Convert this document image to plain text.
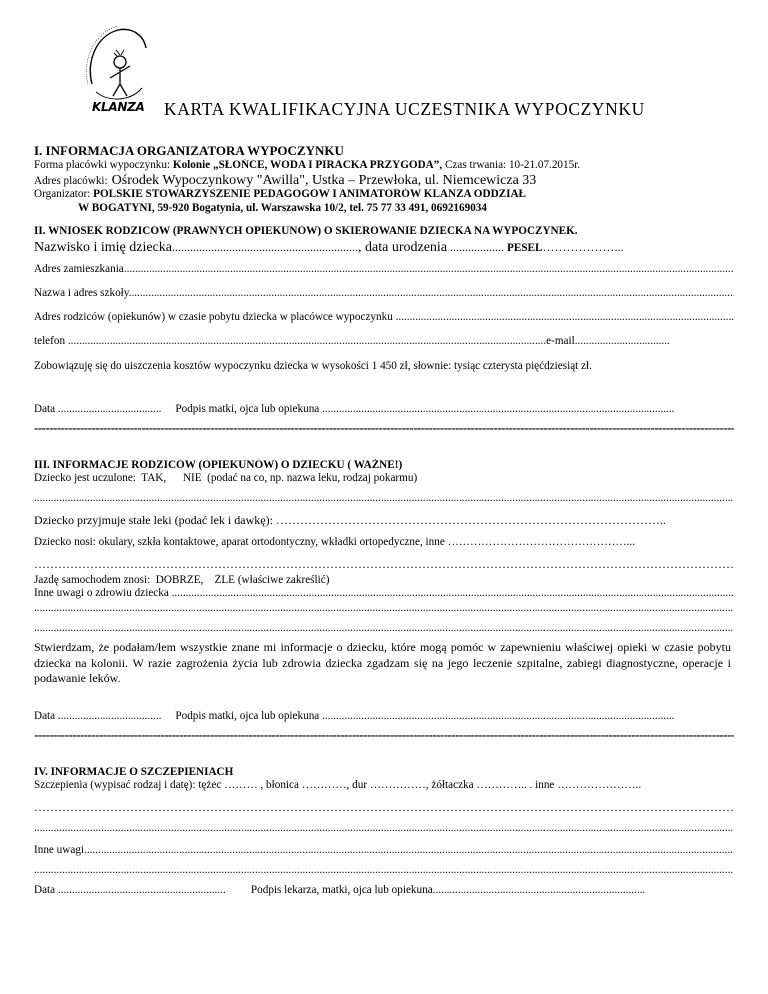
KLANZA KARTA KWALIFIKACYJNA UCZESTNIKA WYPOCZYNKU
I. INFORMACJA ORGANIZATORA WYPOCZYNKU
Forma placówki wypoczynku: Kolonie „SŁOŃCE, WODA I PIRACKA PRZYGODA”, Czas trwania: 10-21.07.2015r.
Adres placówki: Ośrodek Wypoczynkowy "Awilla", Ustka – Przewłoka, ul. Niemcewicza 33
Organizator: POLSKIE STOWARZYSZENIE PEDAGOGÓW I ANIMATORÓW KLANZA ODDZIAŁ
W BOGATYNI, 59-920 Bogatynia, ul. Warszawska 10/2, tel. 75 77 33 491, 0692169034
II. WNIOSEK RODZICÓW (PRAWNYCH OPIEKUNÓW) O SKIEROWANIE DZIECKA NA WYPOCZYNEK.
Nazwisko i imię dziecka.............................................................., data urodzenia .................. PESEL………………...
Adres zamieszkania .....
Nazwa i adres szkoły .....
Adres rodziców (opiekunów) w czasie pobytu dziecka w placówce wypoczynku .........................................................................................................................
telefon ...........................................................................................................................................................................e-mail..................................
Zobowiązuję się do uiszczenia kosztów wypoczynku dziecka w wysokości 1 450 zł, słownie: tysiąc czterysta pięćdziesiąt zł.
Data ..................................... Podpis matki, ojca lub opiekuna ..............................................................................................................................
-----
III. INFORMACJE RODZICÓW (OPIEKUNÓW) O DZIECKU ( WAŻNE!)
Dziecko jest uczulone:  TAK,      NIE  (podać na co, np. nazwa leku, rodzaj pokarmu)
.....
Dziecko przyjmuje stałe leki (podać lek i dawkę): ……………………………………………………………………………………..
Dziecko nosi: okulary, szkła kontaktowe, aparat ortodontyczny, wkładki ortopedyczne, inne …………………………………………...
…………………………………………………………………………………………………………………………………………………………………………………………………………………………………………………
Jazdę samochodem znosi:  DOBRZE,    ŹLE (właściwe zakreślić)
Inne uwagi o zdrowiu dziecka .....
.....
.....
Stwierdzam, że podałam/łem wszystkie znane mi informacje o dziecku, które mogą pomóc w zapewnieniu właściwej opieki w czasie pobytu dziecka na kolonii. W razie zagrożenia życia lub zdrowia dziecka zgadzam się na jego leczenie szpitalne, zabiegi diagnostyczne, operacje i podawanie leków.
Data ..................................... Podpis matki, ojca lub opiekuna ..............................................................................................................................
-----
IV. INFORMACJE O SZCZEPIENIACH
Szczepienia (wypisać rodzaj i datę): tężec ……… , błonica …………, dur ……………, żółtaczka ………….. . inne …………………..
…………………………………………………………………………………………………………………………………………………………………………………………………………………………………………………
.....
Inne uwagi .....
.....
Data ............................................................ Podpis lekarza, matki, ojca lub opiekuna............................................................................
